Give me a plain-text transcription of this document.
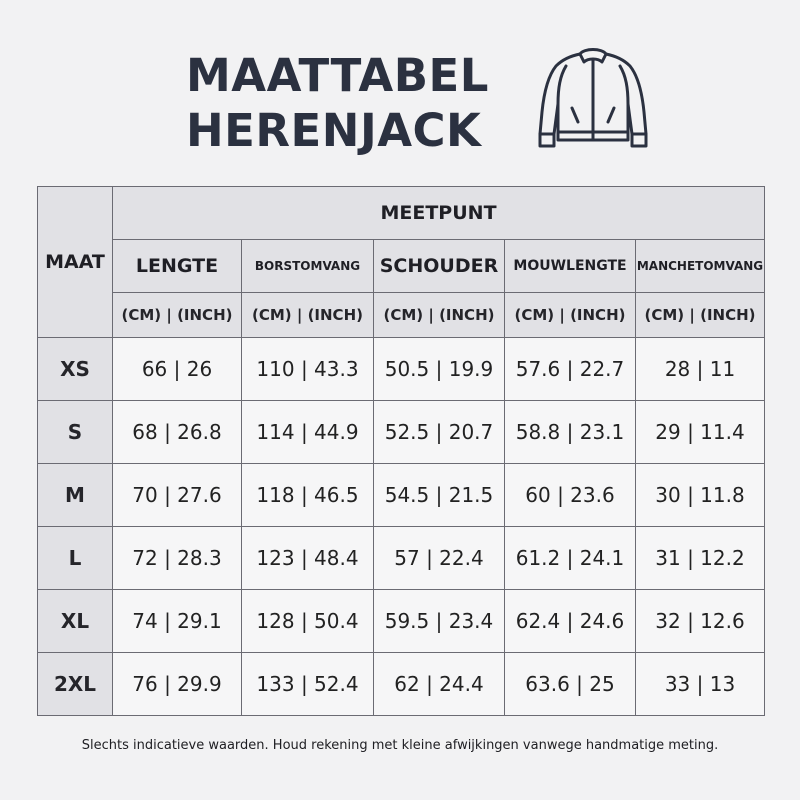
MAATTABEL
HERENJACK
MAAT	MEETPUNT				
	LENGTE	BORSTOMVANG	SCHOUDER	MOUWLENGTE	MANCHETOMVANG
	(CM) | (INCH)	(CM) | (INCH)	(CM) | (INCH)	(CM) | (INCH)	(CM) | (INCH)
XS	66 | 26	110 | 43.3	50.5 | 19.9	57.6 | 22.7	28 | 11
S	68 | 26.8	114 | 44.9	52.5 | 20.7	58.8 | 23.1	29 | 11.4
M	70 | 27.6	118 | 46.5	54.5 | 21.5	60 | 23.6	30 | 11.8
L	72 | 28.3	123 | 48.4	57 | 22.4	61.2 | 24.1	31 | 12.2
XL	74 | 29.1	128 | 50.4	59.5 | 23.4	62.4 | 24.6	32 | 12.6
2XL	76 | 29.9	133 | 52.4	62 | 24.4	63.6 | 25	33 | 13
Slechts indicatieve waarden. Houd rekening met kleine afwijkingen vanwege handmatige meting.
